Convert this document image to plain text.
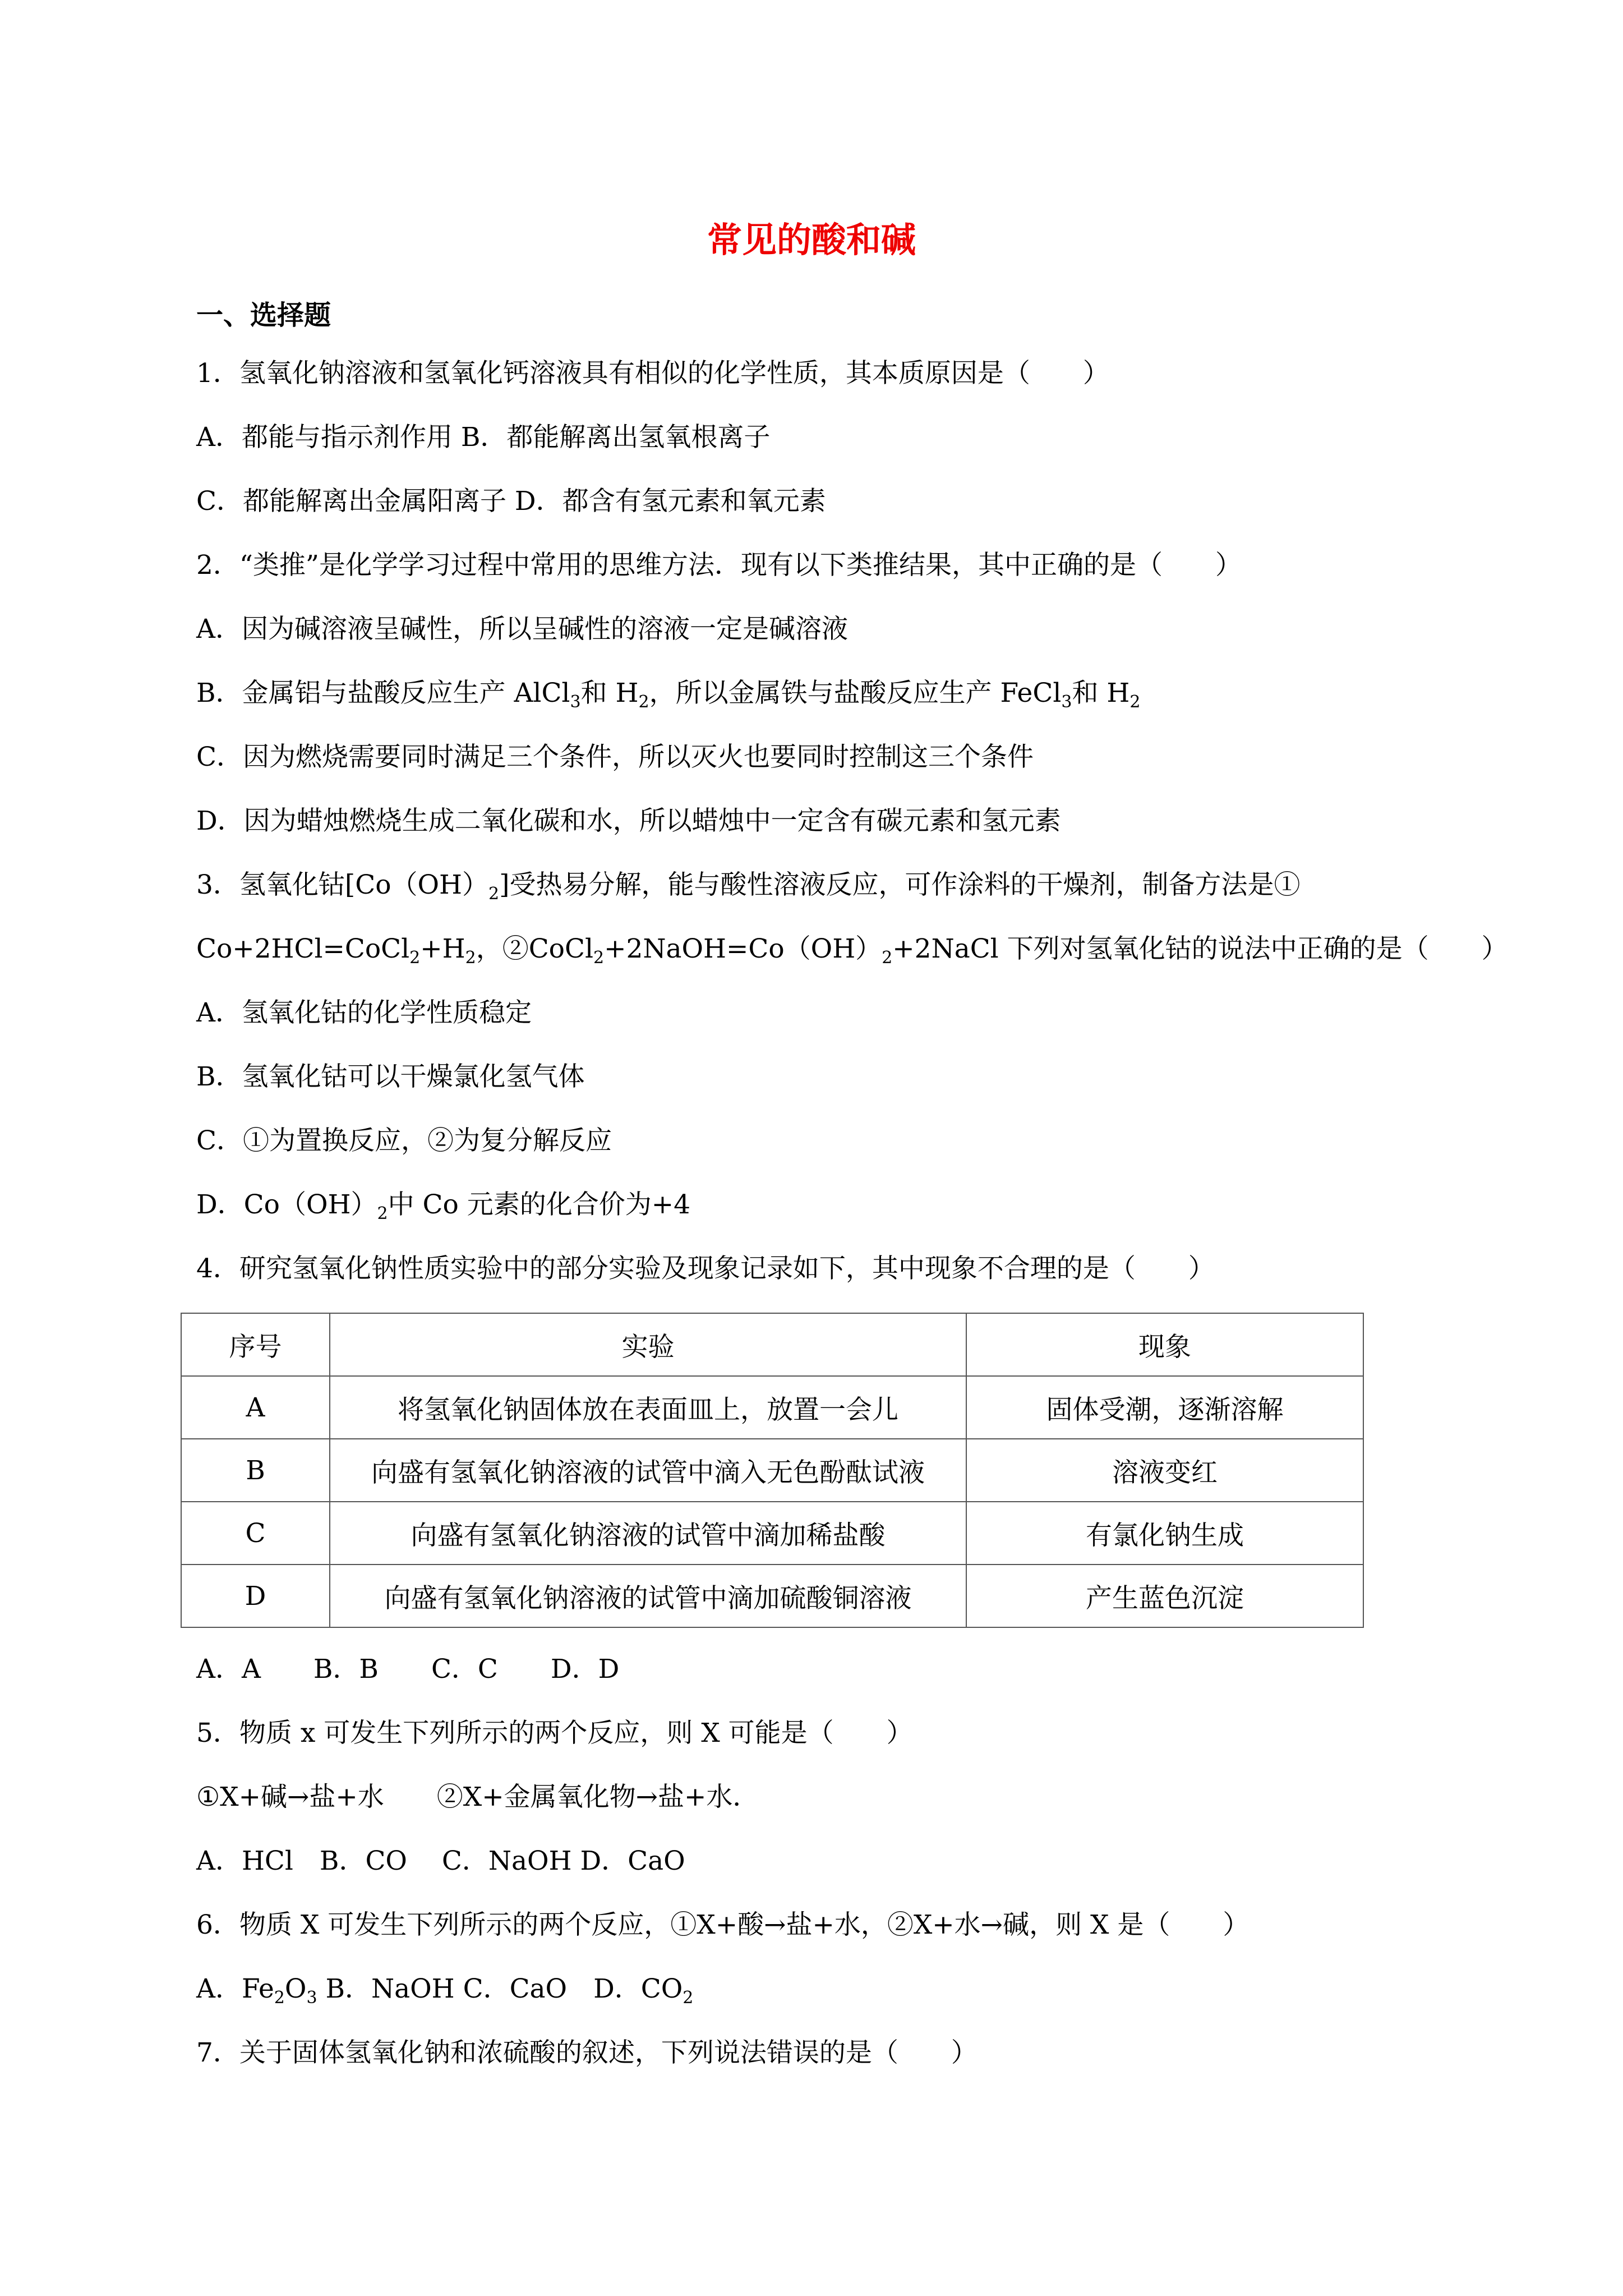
常见的酸和碱
一、选择题
1．氢氧化钠溶液和氢氧化钙溶液具有相似的化学性质，其本质原因是（　　）
A．都能与指示剂作用 B．都能解离出氢氧根离子
C．都能解离出金属阳离子 D．都含有氢元素和氧元素
2．“类推”是化学学习过程中常用的思维方法．现有以下类推结果，其中正确的是（　　）
A．因为碱溶液呈碱性，所以呈碱性的溶液一定是碱溶液
B．金属铝与盐酸反应生产 AlCl$_3$和 $H_2$，所以金属铁与盐酸反应生产 FeCl$_3$和 $H_2$
C．因为燃烧需要同时满足三个条件，所以灭火也要同时控制这三个条件
D．因为蜡烛燃烧生成二氧化碳和水，所以蜡烛中一定含有碳元素和氢元素
3．氢氧化钴$[Co(OH)_2]$受热易分解，能与酸性溶液反应，可作涂料的干燥剂，制备方法是①
$Co+2HCl=CoCl_2+H_2$，$②CoCl_2+2NaOH=Co(OH)_2+2NaCl$ 下列对氢氧化钴的说法中正确的是（　　）
A．氢氧化钴的化学性质稳定
B．氢氧化钴可以干燥氯化氢气体
C．①为置换反应，②为复分解反应
D．$Co(OH)_2$中 Co 元素的化合价为+4
4．研究氢氧化钠性质实验中的部分实验及现象记录如下，其中现象不合理的是（　　）
序号	实验	现象
A	将氢氧化钠固体放在表面皿上，放置一会儿	固体受潮，逐渐溶解
B	向盛有氢氧化钠溶液的试管中滴入无色酚酞试液	溶液变红
C	向盛有氢氧化钠溶液的试管中滴加稀盐酸	有氯化钠生成
D	向盛有氢氧化钠溶液的试管中滴加硫酸铜溶液	产生蓝色沉淀
A．A　　B．B　　C．C　　D．D
5．物质 x 可发生下列所示的两个反应，则 X 可能是（　　）
①X+碱→盐+水　　②X+金属氧化物→盐+水．
A．HCl　B．CO　 C．NaOH D．CaO
6．物质 X 可发生下列所示的两个反应，①X+酸→盐+水，②X+水→碱，则 X 是（　　）
A．$Fe_2O_3$ B．NaOH C．CaO　D．$CO_2$
7．关于固体氢氧化钠和浓硫酸的叙述，下列说法错误的是（　　）
